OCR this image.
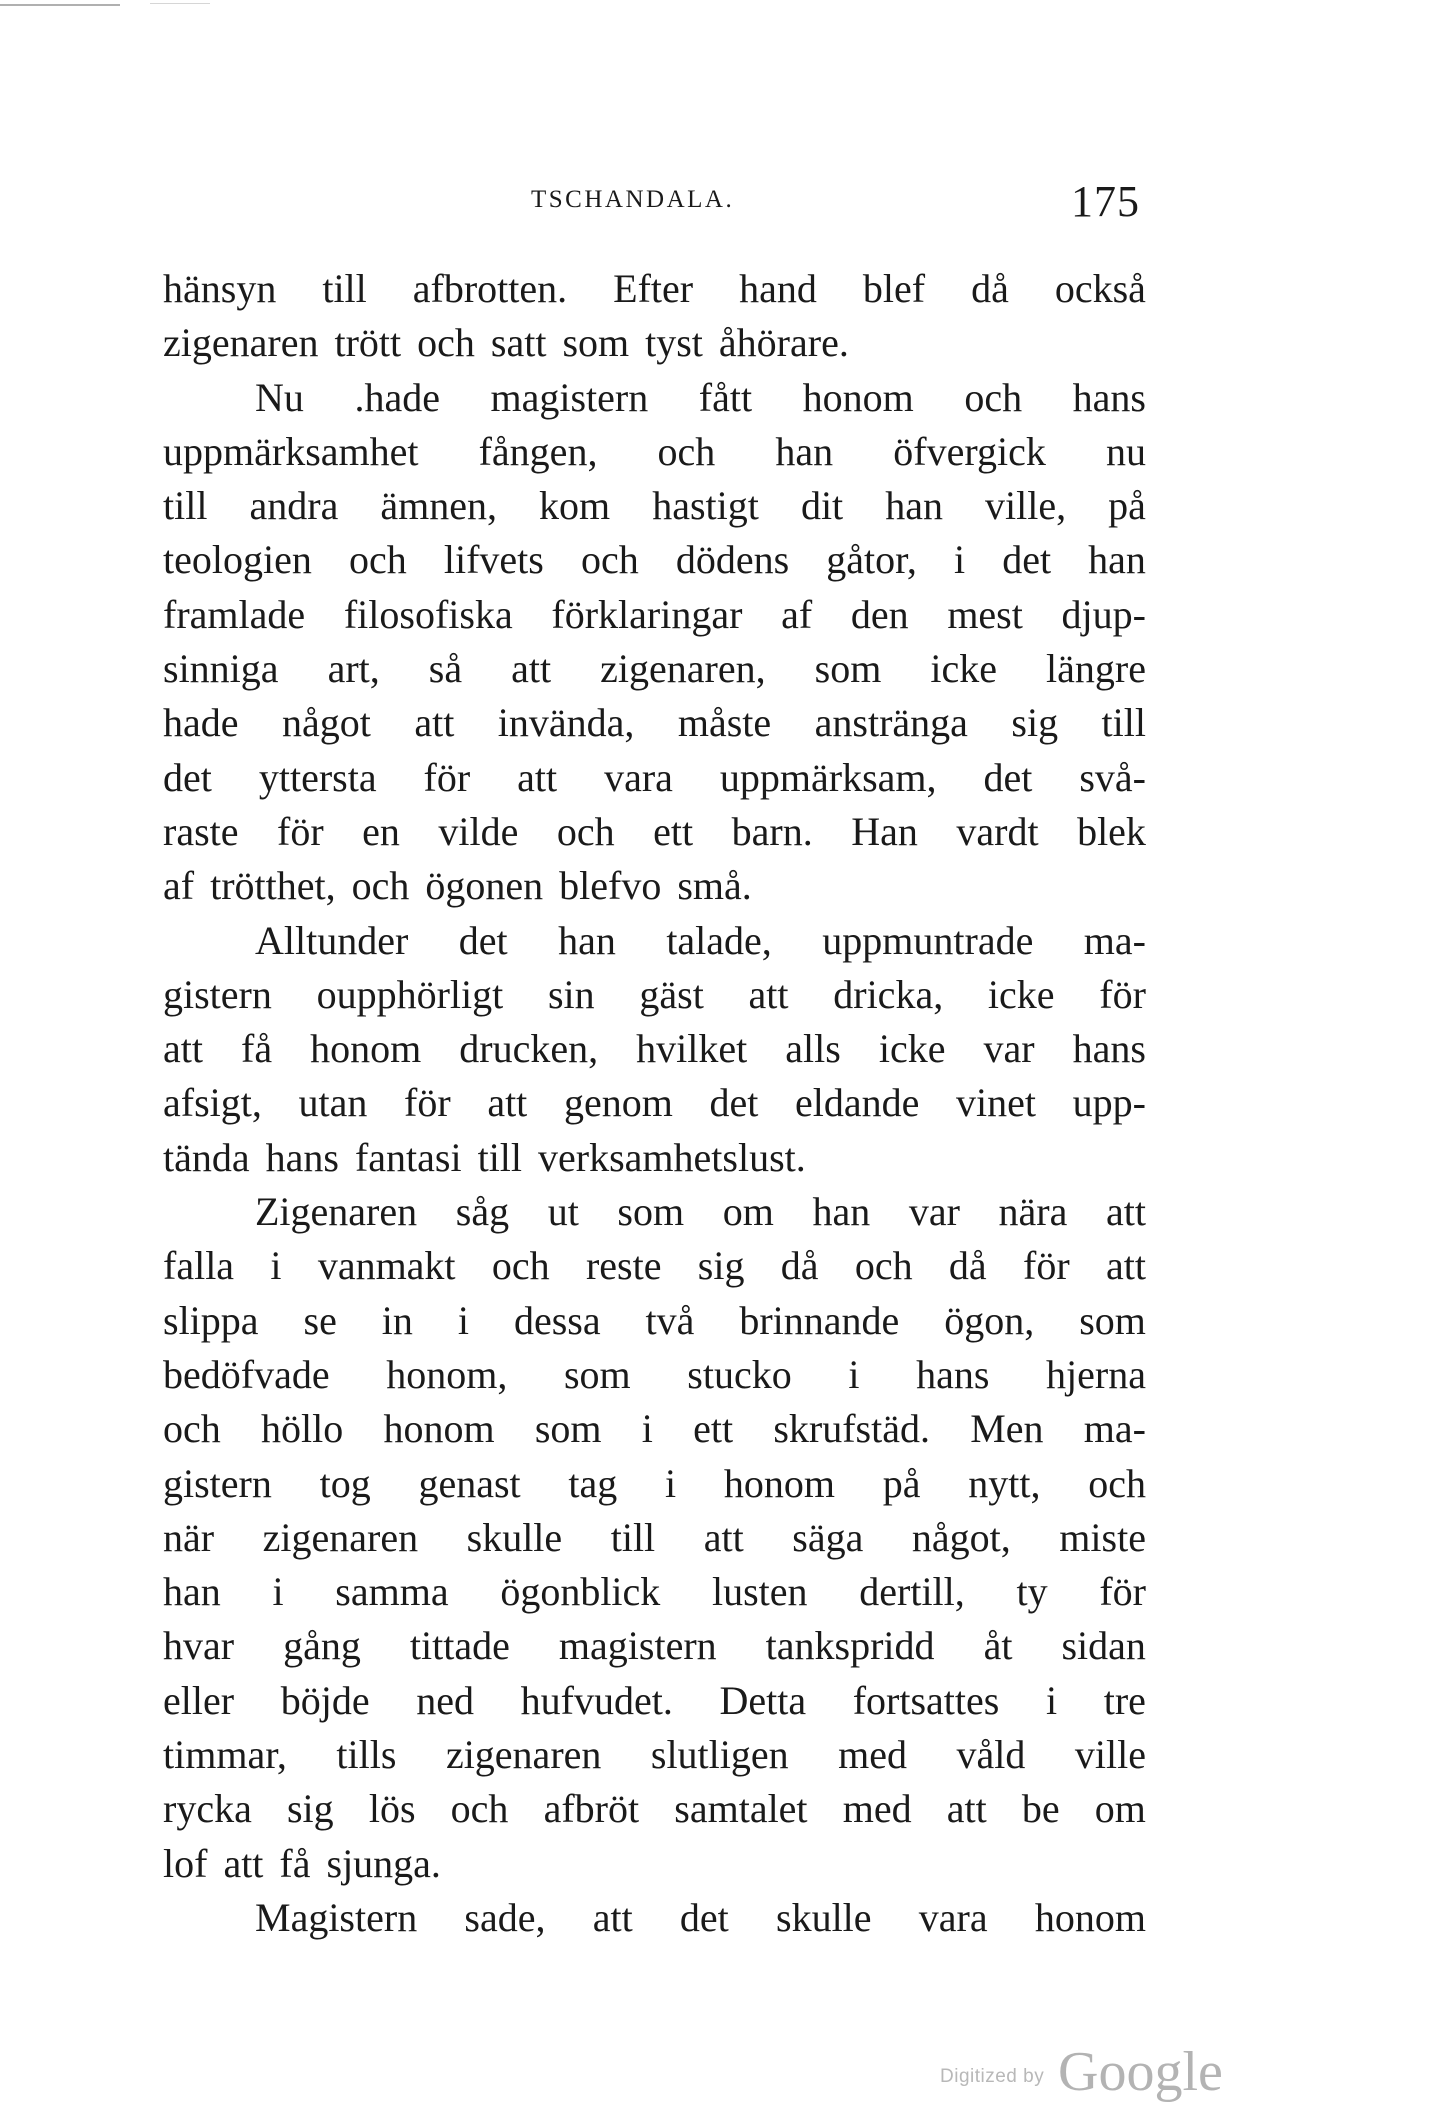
TSCHANDALA.	175
hänsyn till afbrotten. Efter hand blef då också
zigenaren trött och satt som tyst åhörare.
Nu .hade magistern fått honom och hans
uppmärksamhet fången, och han öfvergick nu
till andra ämnen, kom hastigt dit han ville, på
teologien och lifvets och dödens gåtor, i det han
framlade filosofiska förklaringar af den mest djup-
sinniga art, så att zigenaren, som icke längre
hade något att invända, måste anstränga sig till
det yttersta för att vara uppmärksam, det svå-
raste för en vilde och ett barn. Han vardt blek
af trötthet, och ögonen blefvo små.
Alltunder det han talade, uppmuntrade ma-
gistern oupphörligt sin gäst att dricka, icke för
att få honom drucken, hvilket alls icke var hans
afsigt, utan för att genom det eldande vinet upp-
tända hans fantasi till verksamhetslust.
Zigenaren såg ut som om han var nära att
falla i vanmakt och reste sig då och då för att
slippa se in i dessa två brinnande ögon, som
bedöfvade honom, som stucko i hans hjerna
och höllo honom som i ett skrufstäd. Men ma-
gistern tog genast tag i honom på nytt, och
när zigenaren skulle till att säga något, miste
han i samma ögonblick lusten dertill, ty för
hvar gång tittade magistern tankspridd åt sidan
eller böjde ned hufvudet. Detta fortsattes i tre
timmar, tills zigenaren slutligen med våld ville
rycka sig lös och afbröt samtalet med att be om
lof att få sjunga.
Magistern sade, att det skulle vara honom
Digitized by Google
